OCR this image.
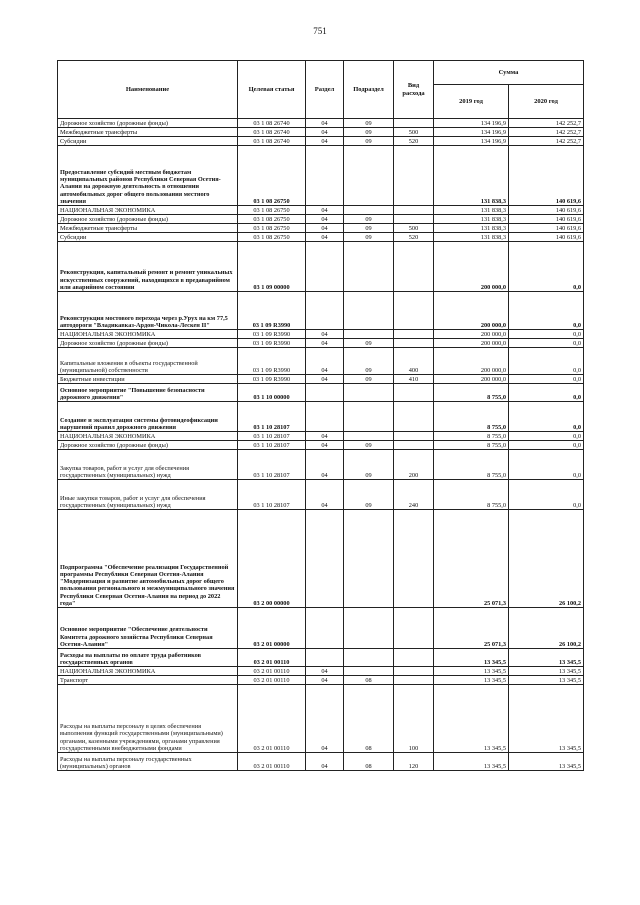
751
Наименование	Целевая статья	Раздел	Подраздел	Вид расхода	Сумма	
					2019 год	2020 год
Дорожное хозяйство (дорожные фонды)	03 1 08 26740	04	09		134 196,9	142 252,7
Межбюджетные трансферты	03 1 08 26740	04	09	500	134 196,9	142 252,7
Субсидии	03 1 08 26740	04	09	520	134 196,9	142 252,7
Предоставление субсидий местным бюджетам муниципальных районов Республики Северная Осетия-Алания на дорожную деятельность в отношении автомобильных дорог общего пользования местного значения	03 1 08 26750				131 838,3	140 619,6
НАЦИОНАЛЬНАЯ ЭКОНОМИКА	03 1 08 26750	04			131 838,3	140 619,6
Дорожное хозяйство (дорожные фонды)	03 1 08 26750	04	09		131 838,3	140 619,6
Межбюджетные трансферты	03 1 08 26750	04	09	500	131 838,3	140 619,6
Субсидии	03 1 08 26750	04	09	520	131 838,3	140 619,6
Реконструкция, капитальный ремонт и ремонт уникальных искусственных сооружений, находящихся в предаварийном или аварийном состоянии	03 1 09 00000				200 000,0	0,0
Реконструкция мостового перехода через р.Урух на км 77,5 автодороги "Владикавказ-Ардон-Чикола-Лескен II"	03 1 09 R3990				200 000,0	0,0
НАЦИОНАЛЬНАЯ ЭКОНОМИКА	03 1 09 R3990	04			200 000,0	0,0
Дорожное хозяйство (дорожные фонды)	03 1 09 R3990	04	09		200 000,0	0,0
Капитальные вложения в объекты государственной (муниципальной) собственности	03 1 09 R3990	04	09	400	200 000,0	0,0
Бюджетные инвестиции	03 1 09 R3990	04	09	410	200 000,0	0,0
Основное мероприятие "Повышение безопасности дорожного движения"	03 1 10 00000				8 755,0	0,0
Создание и эксплуатация системы фотовидеофиксации нарушений правил дорожного движения	03 1 10 28107				8 755,0	0,0
НАЦИОНАЛЬНАЯ ЭКОНОМИКА	03 1 10 28107	04			8 755,0	0,0
Дорожное хозяйство (дорожные фонды)	03 1 10 28107	04	09		8 755,0	0,0
Закупка товаров, работ и услуг для обеспечения государственных (муниципальных) нужд	03 1 10 28107	04	09	200	8 755,0	0,0
Иные закупки товаров, работ и услуг для обеспечения государственных (муниципальных) нужд	03 1 10 28107	04	09	240	8 755,0	0,0
Подпрограмма "Обеспечение реализации Государственной программы Республики Северная Осетия-Алания "Модернизация и развитие автомобильных дорог общего пользования регионального и межмуниципального значения Республики Северная Осетия-Алания на период до 2022 года"	03 2 00 00000				25 071,3	26 100,2
Основное мероприятие "Обеспечение деятельности Комитета дорожного хозяйства Республики Северная Осетия-Алания"	03 2 01 00000				25 071,3	26 100,2
Расходы на выплаты по оплате труда работников государственных органов	03 2 01 00110				13 345,5	13 345,5
НАЦИОНАЛЬНАЯ ЭКОНОМИКА	03 2 01 00110	04			13 345,5	13 345,5
Транспорт	03 2 01 00110	04	08		13 345,5	13 345,5
Расходы на выплаты персоналу в целях обеспечения выполнения функций государственными (муниципальными) органами, казенными учреждениями, органами управления государственными внебюджетными фондами	03 2 01 00110	04	08	100	13 345,5	13 345,5
Расходы на выплаты персоналу государственных (муниципальных) органов	03 2 01 00110	04	08	120	13 345,5	13 345,5
